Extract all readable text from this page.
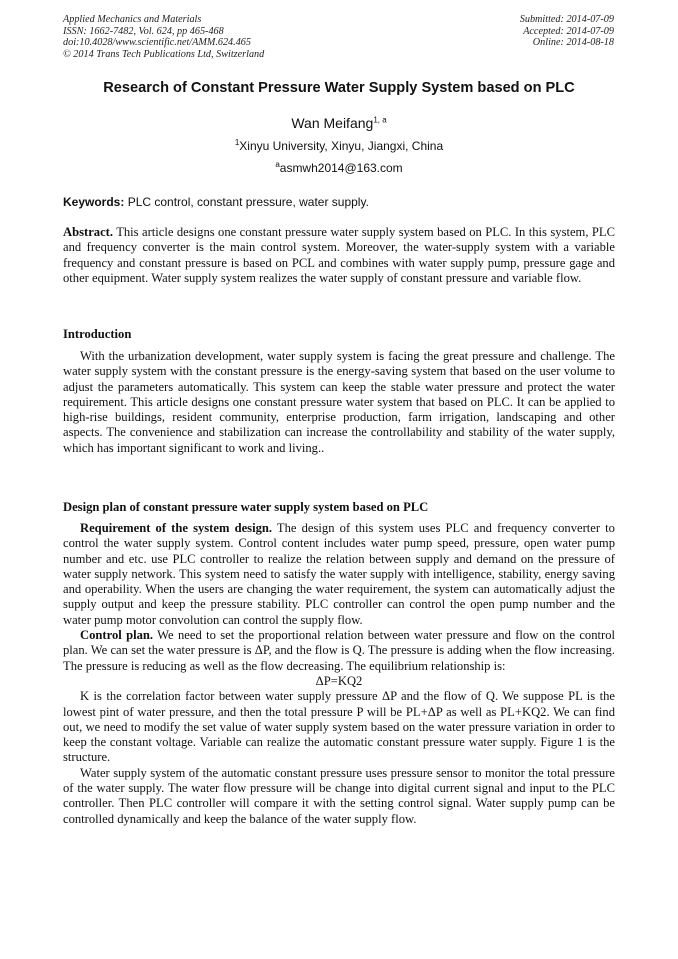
Applied Mechanics and Materials
ISSN: 1662-7482, Vol. 624, pp 465-468
doi:10.4028/www.scientific.net/AMM.624.465
© 2014 Trans Tech Publications Ltd, Switzerland
Submitted: 2014-07-09
Accepted: 2014-07-09
Online: 2014-08-18
Research of Constant Pressure Water Supply System based on PLC
Wan Meifang$^{1, a}$
$^1$Xinyu University, Xinyu, Jiangxi, China
$^a$asmwh2014@163.com
Keywords: PLC control, constant pressure, water supply.

Abstract. This article designs one constant pressure water supply system based on PLC. In this system, PLC and frequency converter is the main control system. Moreover, the water-supply system with a variable frequency and constant pressure is based on PCL and combines with water supply pump, pressure gage and other equipment. Water supply system realizes the water supply of constant pressure and variable flow.

Introduction

With the urbanization development, water supply system is facing the great pressure and challenge. The water supply system with the constant pressure is the energy-saving system that based on the user volume to adjust the parameters automatically. This system can keep the stable water pressure and protect the water requirement. This article designs one constant pressure water system that based on PLC. It can be applied to high-rise buildings, resident community, enterprise production, farm irrigation, landscaping and other aspects. The convenience and stabilization can increase the controllability and stability of the water supply, which has important significant to work and living..

Design plan of constant pressure water supply system based on PLC

Requirement of the system design. The design of this system uses PLC and frequency converter to control the water supply system. Control content includes water pump speed, pressure, open water pump number and etc. use PLC controller to realize the relation between supply and demand on the pressure of water supply network. This system need to satisfy the water supply with intelligence, stability, energy saving and operability. When the users are changing the water requirement, the system can automatically adjust the supply output and keep the pressure stability. PLC controller can control the open pump number and the water pump motor convolution can control the supply flow.

Control plan. We need to set the proportional relation between water pressure and flow on the control plan. We can set the water pressure is ΔP, and the flow is Q. The pressure is adding when the flow increasing. The pressure is reducing as well as the flow decreasing. The equilibrium relationship is:

ΔP=KQ2

K is the correlation factor between water supply pressure ΔP and the flow of Q. We suppose PL is the lowest pint of water pressure, and then the total pressure P will be PL+ΔP as well as PL+KQ2. We can find out, we need to modify the set value of water supply system based on the water pressure variation in order to keep the constant voltage. Variable can realize the automatic constant pressure water supply. Figure 1 is the structure.

Water supply system of the automatic constant pressure uses pressure sensor to monitor the total pressure of the water supply. The water flow pressure will be change into digital current signal and input to the PLC controller. Then PLC controller will compare it with the setting control signal. Water supply pump can be controlled dynamically and keep the balance of the water supply flow.
